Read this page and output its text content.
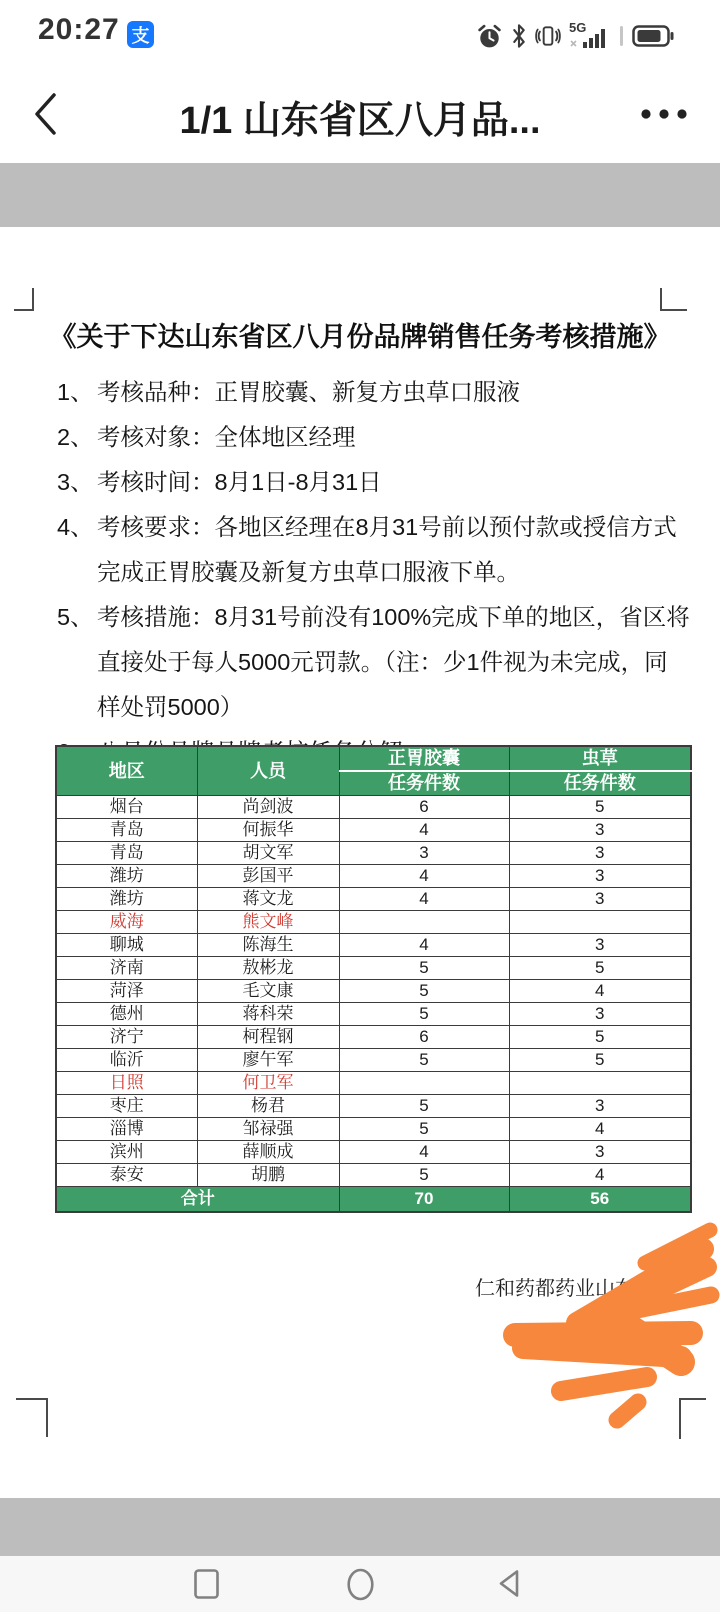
20:27 支	5G
1/1 山东省区八月品...
《关于下达山东省区八月份品牌销售任务考核措施》
1、 考核品种：正胃胶囊、新复方虫草口服液
2、 考核对象：全体地区经理
3、 考核时间：8月1日-8月31日
4、 考核要求：各地区经理在8月31号前以预付款或授信方式完成正胃胶囊及新复方虫草口服液下单。
5、 考核措施：8月31号前没有100%完成下单的地区，省区将直接处于每人5000元罚款。（注：少1件视为未完成，同样处罚5000）
地区	人员	正胃胶囊	虫草
		任务件数	任务件数
烟台	尚剑波	6	5
青岛	何振华	4	3
青岛	胡文军	3	3
潍坊	彭国平	4	3
潍坊	蒋文龙	4	3
威海	熊文峰		
聊城	陈海生	4	3
济南	敖彬龙	5	5
菏泽	毛文康	5	4
德州	蒋科荣	5	3
济宁	柯程钢	6	5
临沂	廖午军	5	5
日照	何卫军		
枣庄	杨君	5	3
淄博	邹禄强	5	4
滨州	薛顺成	4	3
泰安	胡鹏	5	4
合计		70	56
仁和药都药业山东
